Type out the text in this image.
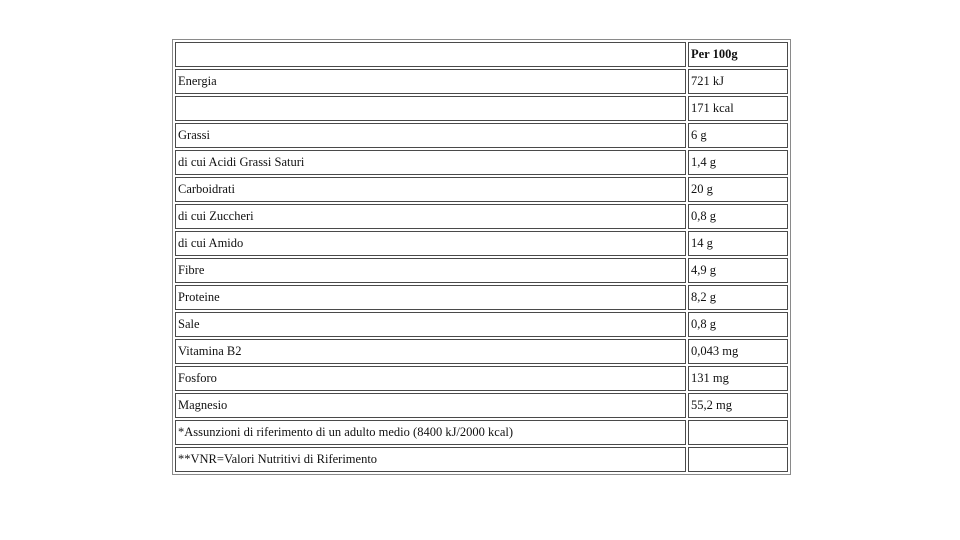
	Per 100g
Energia	721 kJ
	171 kcal
Grassi	6 g
di cui Acidi Grassi Saturi	1,4 g
Carboidrati	20 g
di cui Zuccheri	0,8 g
di cui Amido	14 g
Fibre	4,9 g
Proteine	8,2 g
Sale	0,8 g
Vitamina B2	0,043 mg
Fosforo	131 mg
Magnesio	55,2 mg
*Assunzioni di riferimento di un adulto medio (8400 kJ/2000 kcal)	
**VNR=Valori Nutritivi di Riferimento	
